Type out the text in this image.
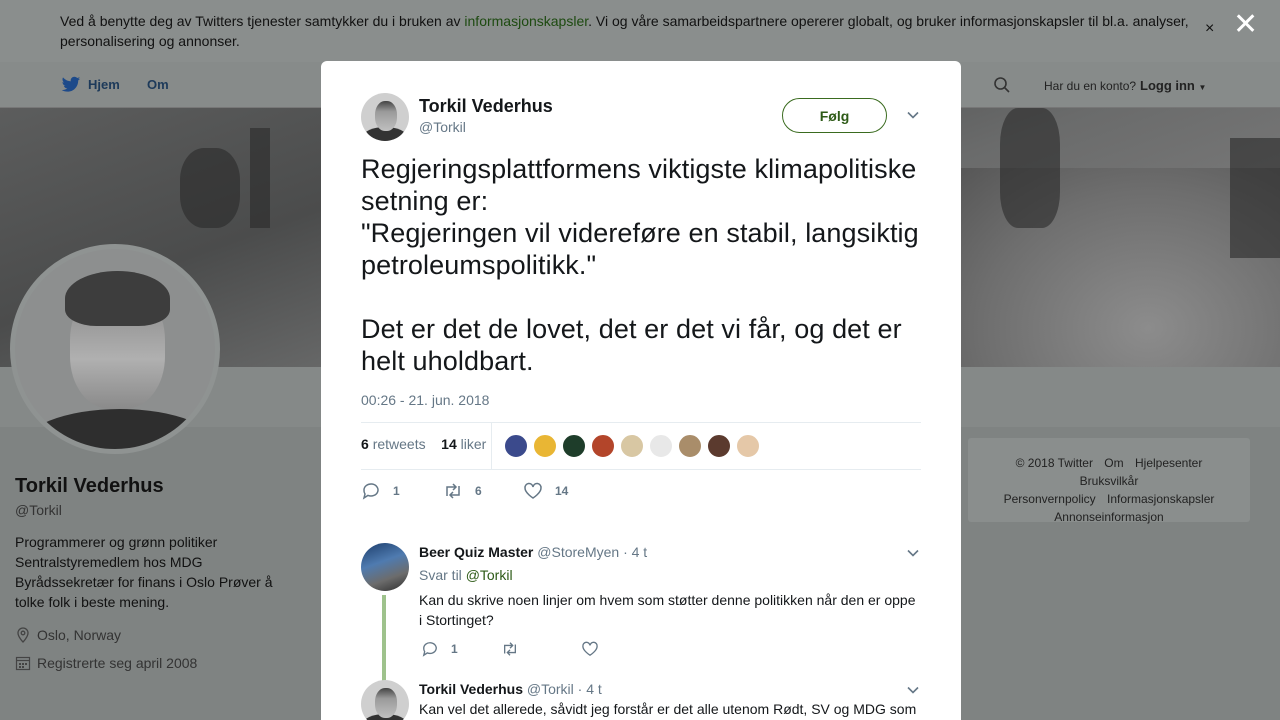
Hjem Om	Har du en konto? Logg inn ▼
Torkil Vederhus
@Torkil
Programmerer og grønn politiker Sentralstyremedlem hos MDG Byrådssekretær for finans i Oslo Prøver å tolke folk i beste mening.
Oslo, Norway
Registrerte seg april 2008
© 2018 Twitter Om Hjelpesenter Bruksvilkår
Personvernpolicy Informasjonskapsler
Annonseinformasjon
Ved å benytte deg av Twitters tjenester samtykker du i bruken av informasjonskapsler. Vi og våre samarbeidspartnere opererer globalt, og bruker informasjonskapsler til bl.a. analyser, personalisering og annonser.
× ✕
Torkil Vederhus
@Torkil
Følg
Regjeringsplattformens viktigste klimapolitiske setning er:
"Regjeringen vil videreføre en stabil, langsiktig petroleumspolitikk."

Det er det de lovet, det er det vi får, og det er helt uholdbart.
00:26 - 21. jun. 2018
6 retweets 14 liker
1	6	14
Beer Quiz Master @StoreMyen · 4 t
Svar til @Torkil
Kan du skrive noen linjer om hvem som støtter denne politikken når den er oppe i Stortinget?
1
Torkil Vederhus @Torkil · 4 t
Kan vel det allerede, såvidt jeg forstår er det alle utenom Rødt, SV og MDG som
